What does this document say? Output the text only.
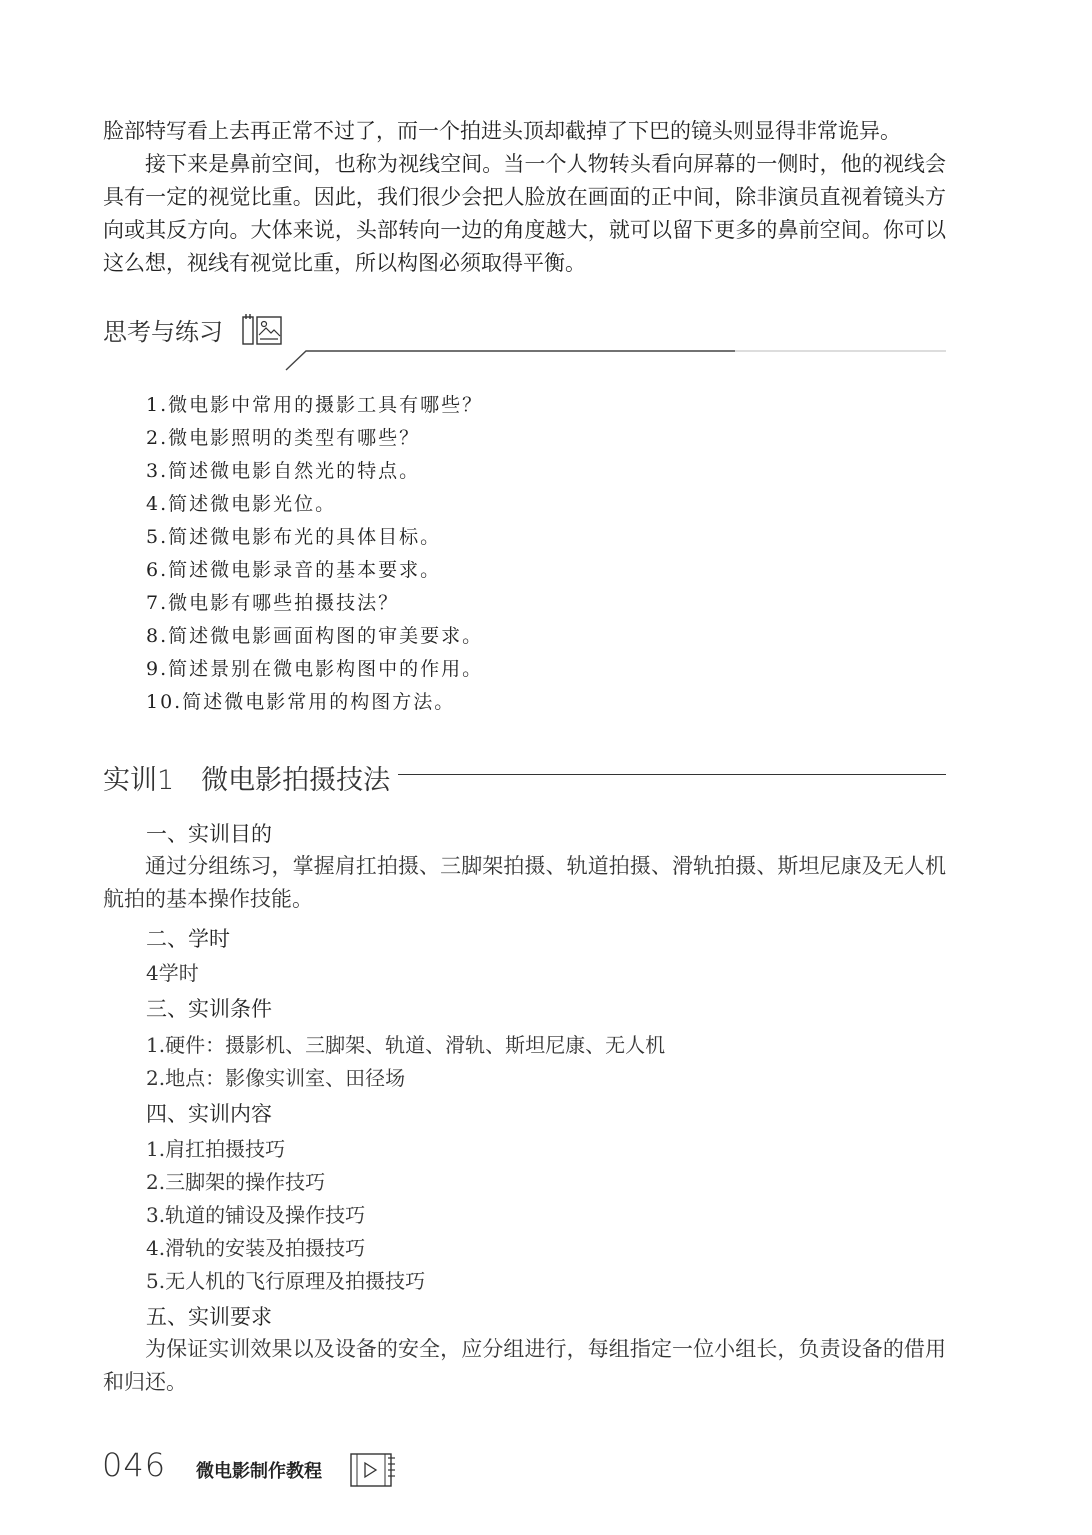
脸部特写看上去再正常不过了，而一个拍进头顶却截掉了下巴的镜头则显得非常诡异。

接下来是鼻前空间，也称为视线空间。当一个人物转头看向屏幕的一侧时，他的视线会具有一定的视觉比重。因此，我们很少会把人脸放在画面的正中间，除非演员直视着镜头方向或其反方向。大体来说，头部转向一边的角度越大，就可以留下更多的鼻前空间。你可以这么想，视线有视觉比重，所以构图必须取得平衡。

思考与练习
1.微电影中常用的摄影工具有哪些？
2.微电影照明的类型有哪些？
3.简述微电影自然光的特点。
4.简述微电影光位。
5.简述微电影布光的具体目标。
6.简述微电影录音的基本要求。
7.微电影有哪些拍摄技法？
8.简述微电影画面构图的审美要求。
9.简述景别在微电影构图中的作用。
10.简述微电影常用的构图方法。
实训1　微电影拍摄技法
一、实训目的

通过分组练习，掌握肩扛拍摄、三脚架拍摄、轨道拍摄、滑轨拍摄、斯坦尼康及无人机航拍的基本操作技能。

二、学时
4学时
三、实训条件
1.硬件：摄影机、三脚架、轨道、滑轨、斯坦尼康、无人机
2.地点：影像实训室、田径场
四、实训内容
1.肩扛拍摄技巧
2.三脚架的操作技巧
3.轨道的铺设及操作技巧
4.滑轨的安装及拍摄技巧
5.无人机的飞行原理及拍摄技巧
五、实训要求

为保证实训效果以及设备的安全，应分组进行，每组指定一位小组长，负责设备的借用和归还。

046 微电影制作教程
